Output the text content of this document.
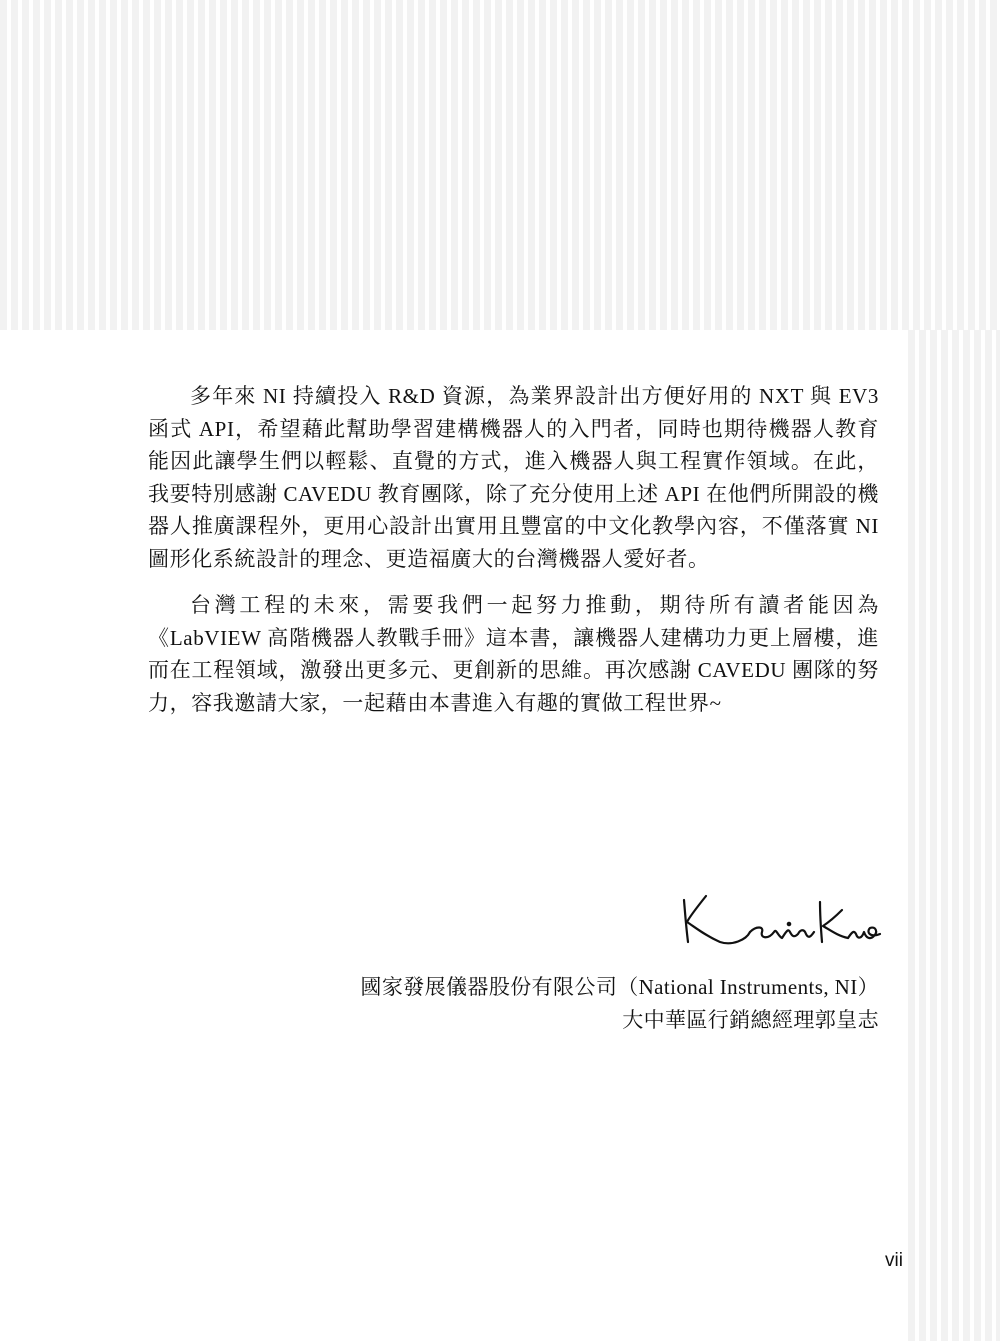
多年來 NI 持續投入 R&D 資源，為業界設計出方便好用的 NXT 與 EV3 函式 API，希望藉此幫助學習建構機器人的入門者，同時也期待機器人教育能因此讓學生們以輕鬆、直覺的方式，進入機器人與工程實作領域。在此，我要特別感謝 CAVEDU 教育團隊，除了充分使用上述 API 在他們所開設的機器人推廣課程外，更用心設計出實用且豐富的中文化教學內容，不僅落實 NI 圖形化系統設計的理念、更造福廣大的台灣機器人愛好者。

台灣工程的未來，需要我們一起努力推動，期待所有讀者能因為《LabVIEW 高階機器人教戰手冊》這本書，讓機器人建構功力更上層樓，進而在工程領域，激發出更多元、更創新的思維。再次感謝 CAVEDU 團隊的努力，容我邀請大家，一起藉由本書進入有趣的實做工程世界~

國家發展儀器股份有限公司（National Instruments, NI）
大中華區行銷總經理郭皇志
vii
